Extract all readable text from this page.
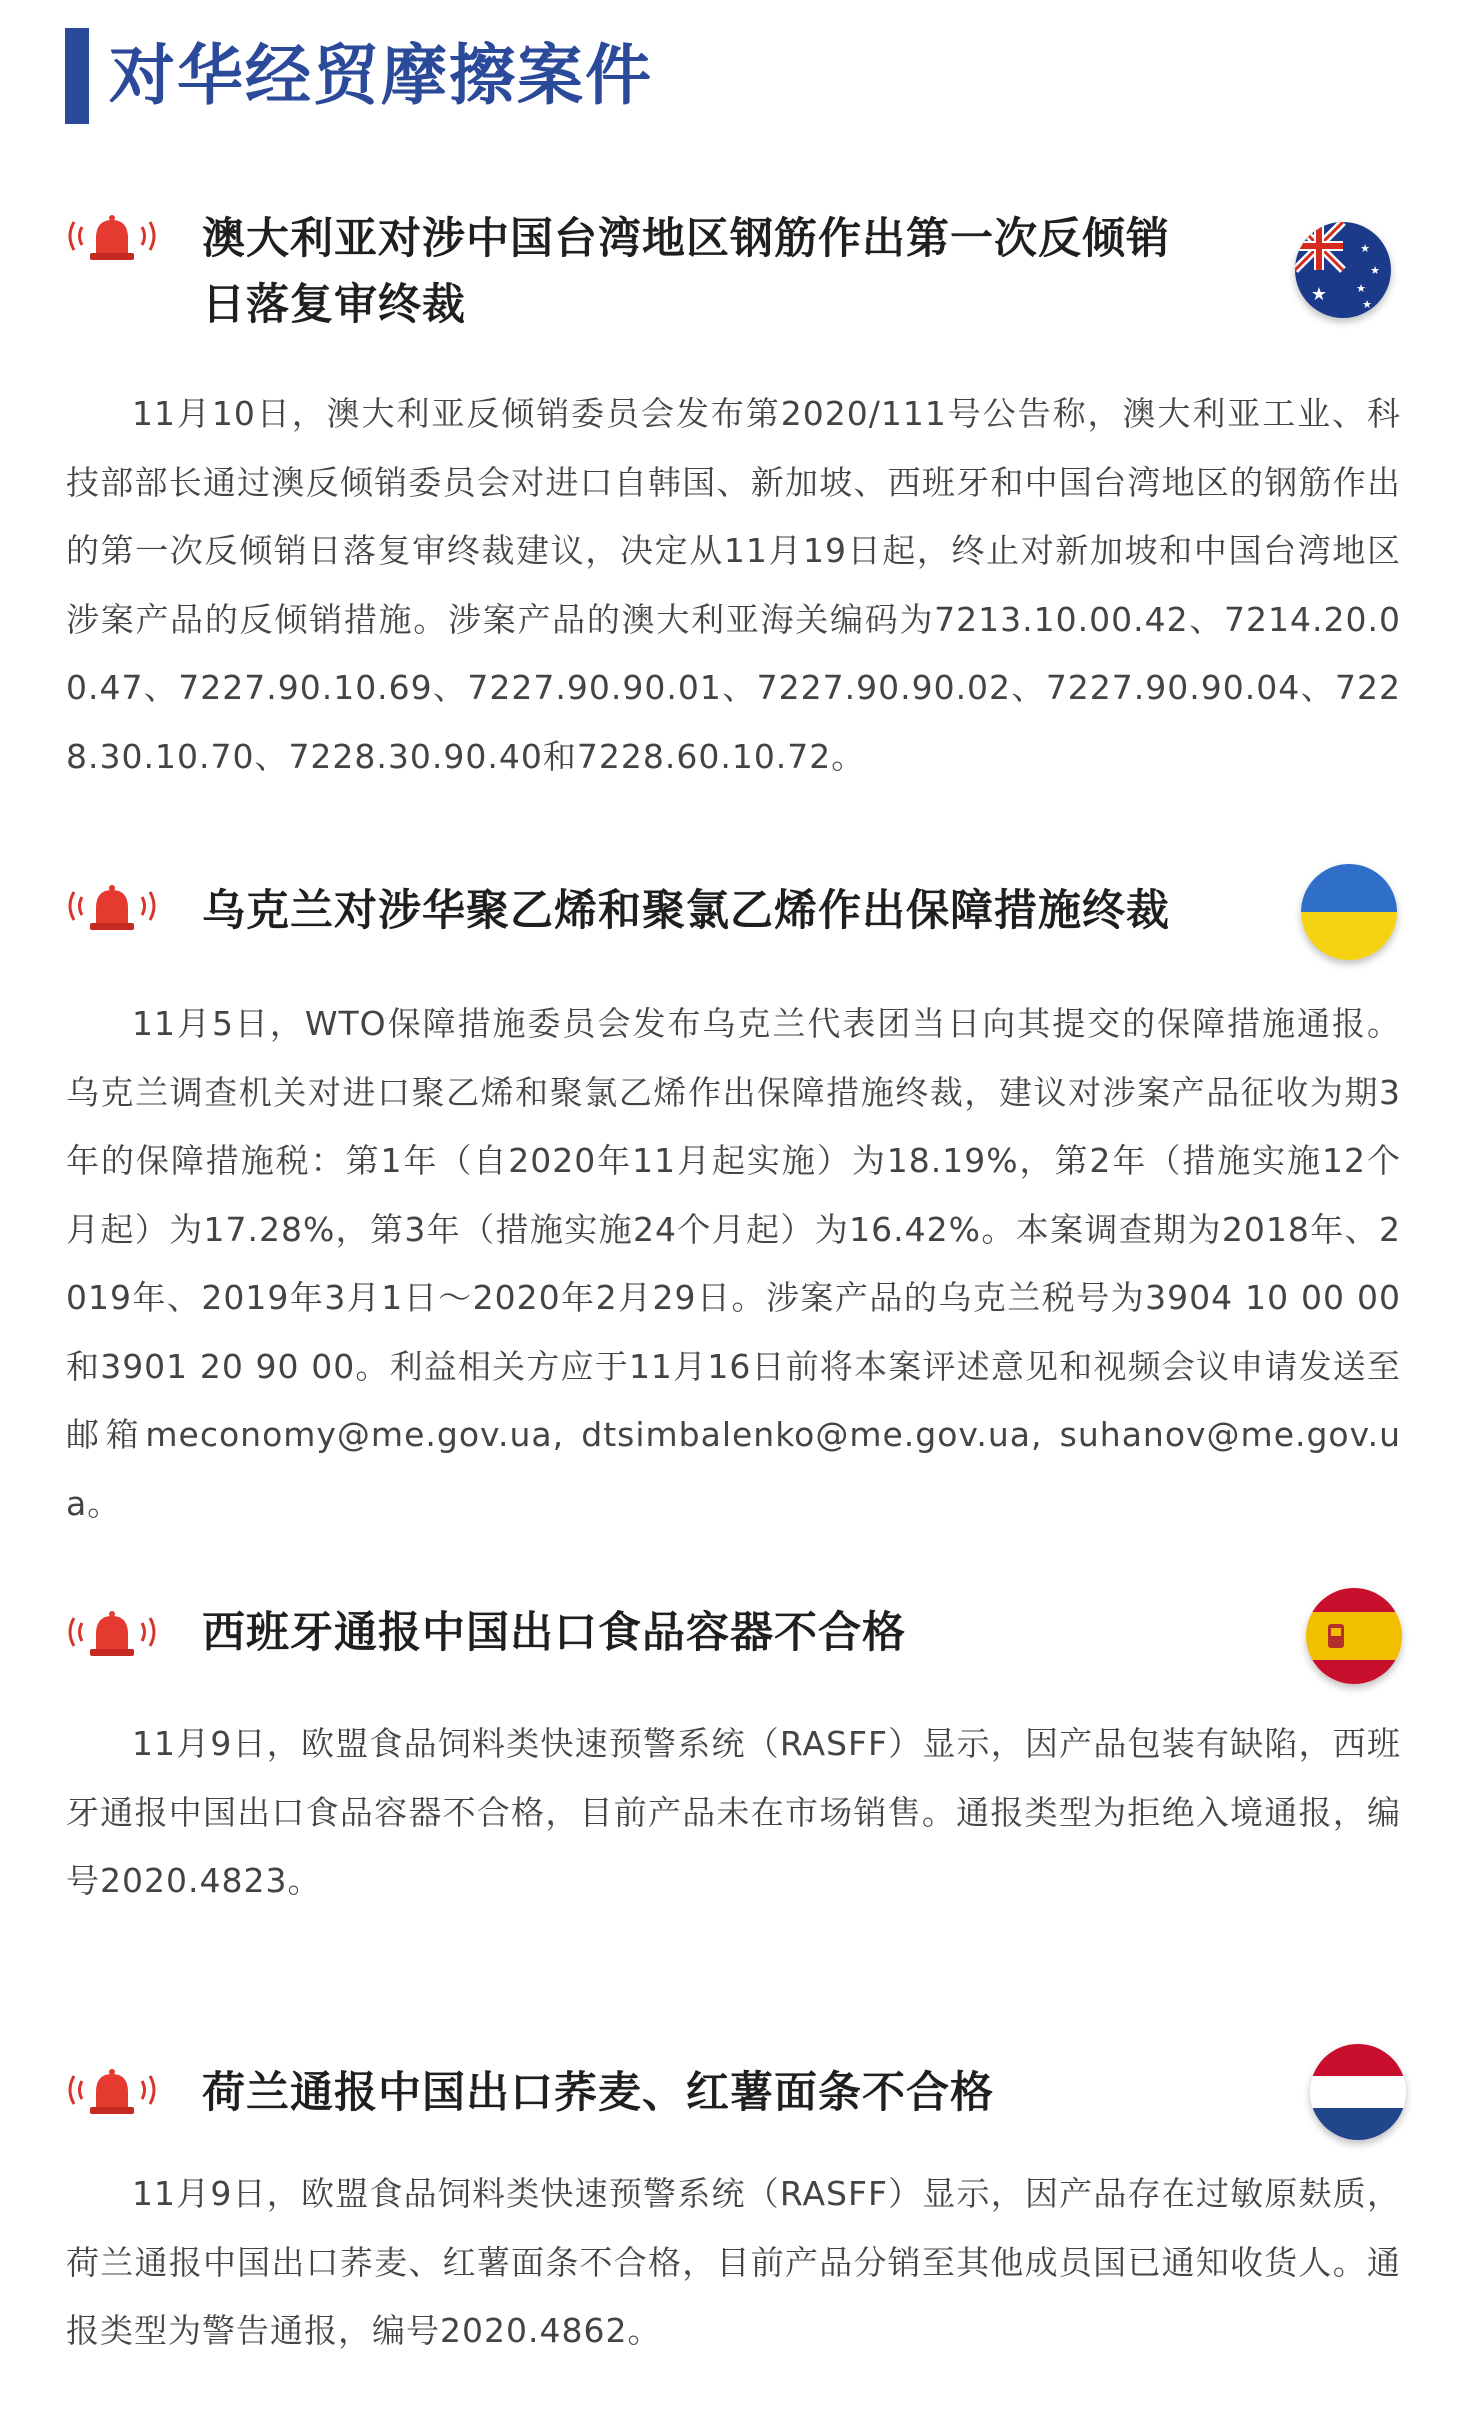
对华经贸摩擦案件
澳大利亚对涉中国台湾地区钢筋作出第一次反倾销日落复审终裁	★
★
★
★
★
11月10日，澳大利亚反倾销委员会发布第2020/111号公告称，澳大利亚工业、科技部部长通过澳反倾销委员会对进口自韩国、新加坡、西班牙和中国台湾地区的钢筋作出的第一次反倾销日落复审终裁建议，决定从11月19日起，终止对新加坡和中国台湾地区涉案产品的反倾销措施。涉案产品的澳大利亚海关编码为7213.10.00.42、7214.20.00.47、7227.90.10.69、7227.90.90.01、7227.90.90.02、7227.90.90.04、7228.30.10.70、7228.30.90.40和7228.60.10.72。
乌克兰对涉华聚乙烯和聚氯乙烯作出保障措施终裁
11月5日，WTO保障措施委员会发布乌克兰代表团当日向其提交的保障措施通报。乌克兰调查机关对进口聚乙烯和聚氯乙烯作出保障措施终裁，建议对涉案产品征收为期3年的保障措施税：第1年（自2020年11月起实施）为18.19%，第2年（措施实施12个月起）为17.28%，第3年（措施实施24个月起）为16.42%。本案调查期为2018年、2019年、2019年3月1日～2020年2月29日。涉案产品的乌克兰税号为3904 10 00 00和3901 20 90 00。利益相关方应于11月16日前将本案评述意见和视频会议申请发送至邮箱meconomy@me.gov.ua, dtsimbalenko@me.gov.ua, suhanov@me.gov.ua。
西班牙通报中国出口食品容器不合格
11月9日，欧盟食品饲料类快速预警系统（RASFF）显示，因产品包装有缺陷，西班牙通报中国出口食品容器不合格，目前产品未在市场销售。通报类型为拒绝入境通报，编号2020.4823。
荷兰通报中国出口荞麦、红薯面条不合格
11月9日，欧盟食品饲料类快速预警系统（RASFF）显示，因产品存在过敏原麸质，荷兰通报中国出口荞麦、红薯面条不合格，目前产品分销至其他成员国已通知收货人。通报类型为警告通报，编号2020.4862。
